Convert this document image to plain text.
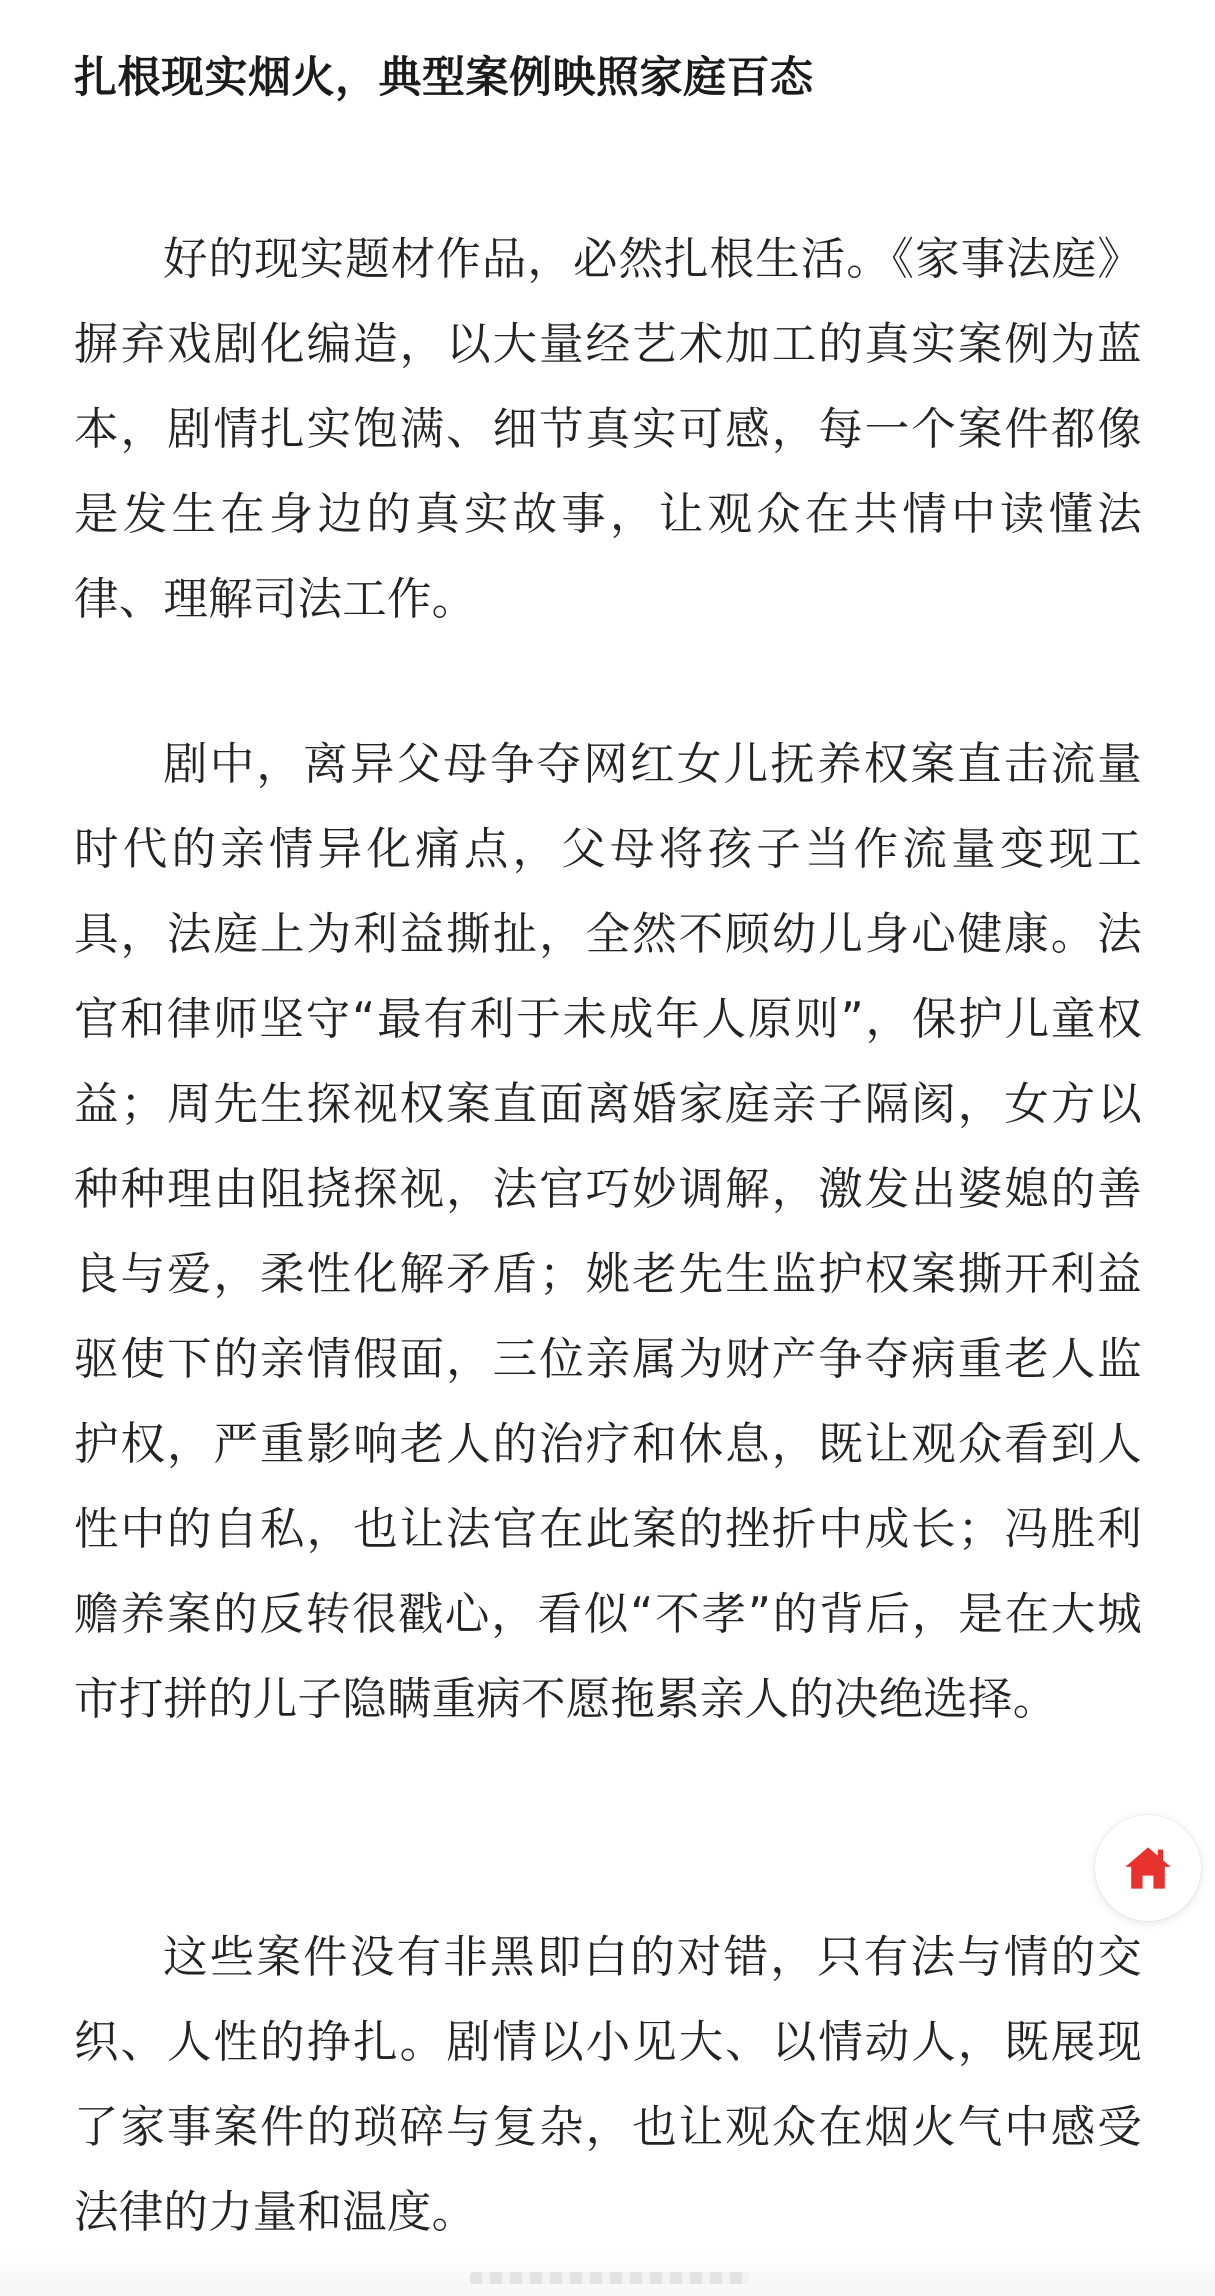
扎根现实烟火，典型案例映照家庭百态

好的现实题材作品，必然扎根生活。《家事法庭》摒弃戏剧化编造，以大量经艺术加工的真实案例为蓝本，剧情扎实饱满、细节真实可感，每一个案件都像是发生在身边的真实故事，让观众在共情中读懂法律、理解司法工作。

剧中，离异父母争夺网红女儿抚养权案直击流量时代的亲情异化痛点，父母将孩子当作流量变现工具，法庭上为利益撕扯，全然不顾幼儿身心健康。法官和律师坚守“最有利于未成年人原则”，保护儿童权益；周先生探视权案直面离婚家庭亲子隔阂，女方以种种理由阻挠探视，法官巧妙调解，激发出婆媳的善良与爱，柔性化解矛盾；姚老先生监护权案撕开利益驱使下的亲情假面，三位亲属为财产争夺病重老人监护权，严重影响老人的治疗和休息，既让观众看到人性中的自私，也让法官在此案的挫折中成长；冯胜利赡养案的反转很戳心，看似“不孝”的背后，是在大城市打拼的儿子隐瞒重病不愿拖累亲人的决绝选择。

这些案件没有非黑即白的对错，只有法与情的交织、人性的挣扎。剧情以小见大、以情动人，既展现了家事案件的琐碎与复杂，也让观众在烟火气中感受法律的力量和温度。
